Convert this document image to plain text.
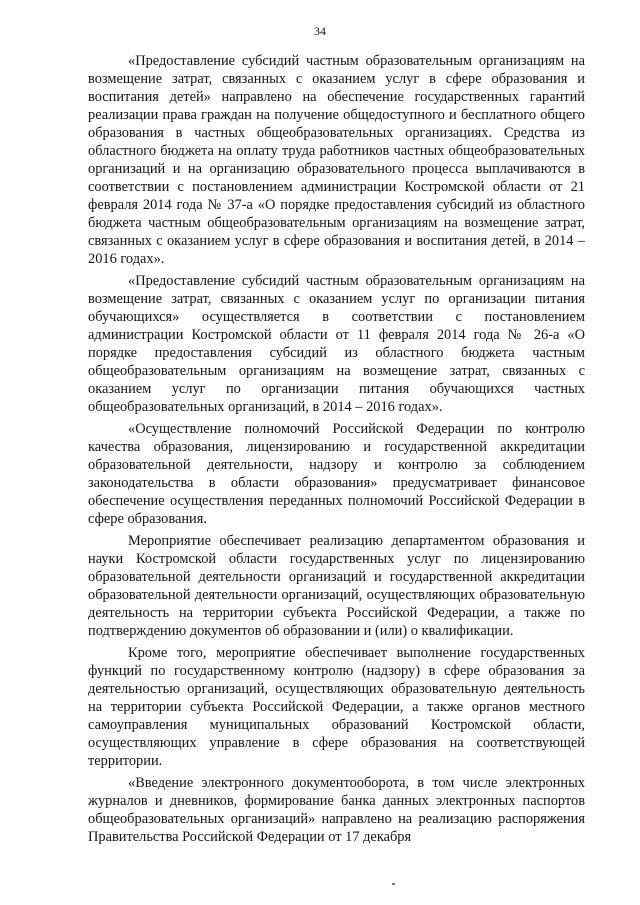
34

«Предоставление субсидий частным образовательным организациям на возмещение затрат, связанных с оказанием услуг в сфере образования и воспитания детей» направлено на обеспечение государственных гарантий реализации права граждан на получение общедоступного и бесплатного общего образования в частных общеобразовательных организациях. Средства из областного бюджета на оплату труда работников частных общеобразовательных организаций и на организацию образовательного процесса выплачиваются в соответствии с постановлением администрации Костромской области от 21 февраля 2014 года № 37-а «О порядке предоставления субсидий из областного бюджета частным общеобразовательным организациям на возмещение затрат, связанных с оказанием услуг в сфере образования и воспитания детей, в 2014 – 2016 годах».

«Предоставление субсидий частным образовательным организациям на возмещение затрат, связанных с оказанием услуг по организации питания обучающихся» осуществляется в соответствии с постановлением администрации Костромской области от 11 февраля 2014 года № 26-а «О порядке предоставления субсидий из областного бюджета частным общеобразовательным организациям на возмещение затрат, связанных с оказанием услуг по организации питания обучающихся частных общеобразовательных организаций, в 2014 – 2016 годах».

«Осуществление полномочий Российской Федерации по контролю качества образования, лицензированию и государственной аккредитации образовательной деятельности, надзору и контролю за соблюдением законодательства в области образования» предусматривает финансовое обеспечение осуществления переданных полномочий Российской Федерации в сфере образования.

Мероприятие обеспечивает реализацию департаментом образования и науки Костромской области государственных услуг по лицензированию образовательной деятельности организаций и государственной аккредитации образовательной деятельности организаций, осуществляющих образовательную деятельность на территории субъекта Российской Федерации, а также по подтверждению документов об образовании и (или) о квалификации.

Кроме того, мероприятие обеспечивает выполнение государственных функций по государственному контролю (надзору) в сфере образования за деятельностью организаций, осуществляющих образовательную деятельность на территории субъекта Российской Федерации, а также органов местного самоуправления муниципальных образований Костромской области, осуществляющих управление в сфере образования на соответствующей территории.

«Введение электронного документооборота, в том числе электронных журналов и дневников, формирование банка данных электронных паспортов общеобразовательных организаций» направлено на реализацию распоряжения Правительства Российской Федерации от 17 декабря
